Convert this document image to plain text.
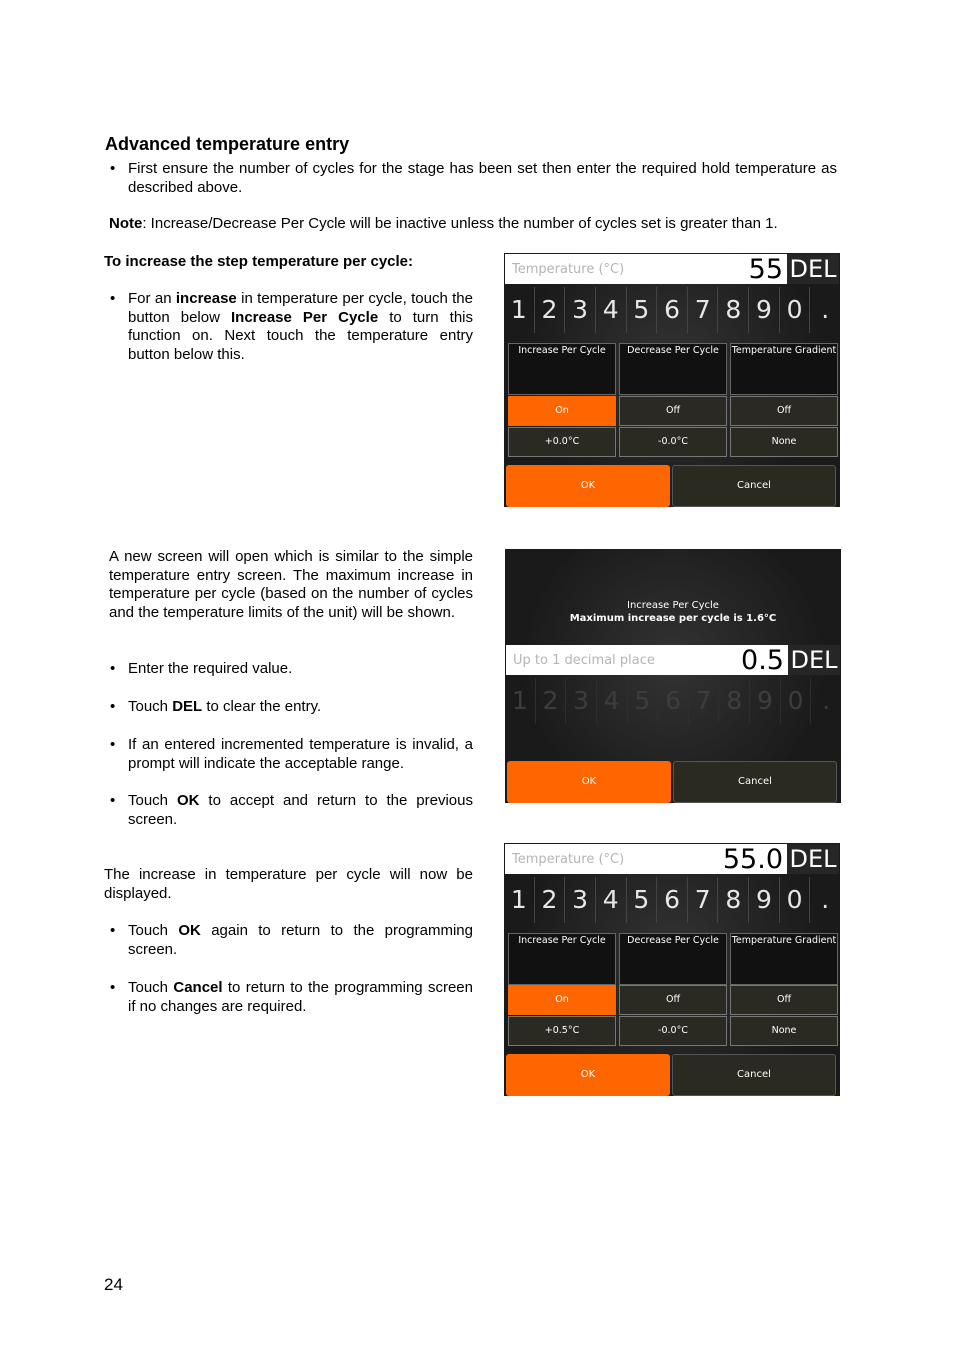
Advanced temperature entry
• First ensure the number of cycles for the stage has been set then enter the required hold temperature as described above.
Note: Increase/Decrease Per Cycle will be inactive unless the number of cycles set is greater than 1.
To increase the step temperature per cycle:
• For an increase in temperature per cycle, touch the button below Increase Per Cycle to turn this function on. Next touch the temperature entry button below this.
A new screen will open which is similar to the simple temperature entry screen. The maximum increase in temperature per cycle (based on the number of cycles and the temperature limits of the unit) will be shown.
• Enter the required value.
• Touch DEL to clear the entry.
• If an entered incremented temperature is invalid, a prompt will indicate the acceptable range.
• Touch OK to accept and return to the previous screen.
The increase in temperature per cycle will now be displayed.
• Touch OK again to return to the programming screen.
• Touch Cancel to return to the programming screen if no changes are required.
24
Temperature (°C)	55 DEL
1 2 3 4 5 6 7 8 9 0 .
Increase Per Cycle	Decrease Per Cycle	Temperature Gradient
On	Off	Off
+0.0°C	-0.0°C	None
OK	Cancel
Increase Per Cycle
Maximum increase per cycle is 1.6°C
Up to 1 decimal place	0.5 DEL
1 2 3 4 5 6 7 8 9 0 .
OK	Cancel
Temperature (°C)	55.0 DEL
1 2 3 4 5 6 7 8 9 0 .
Increase Per Cycle	Decrease Per Cycle	Temperature Gradient
On	Off	Off
+0.5°C	-0.0°C	None
OK	Cancel
